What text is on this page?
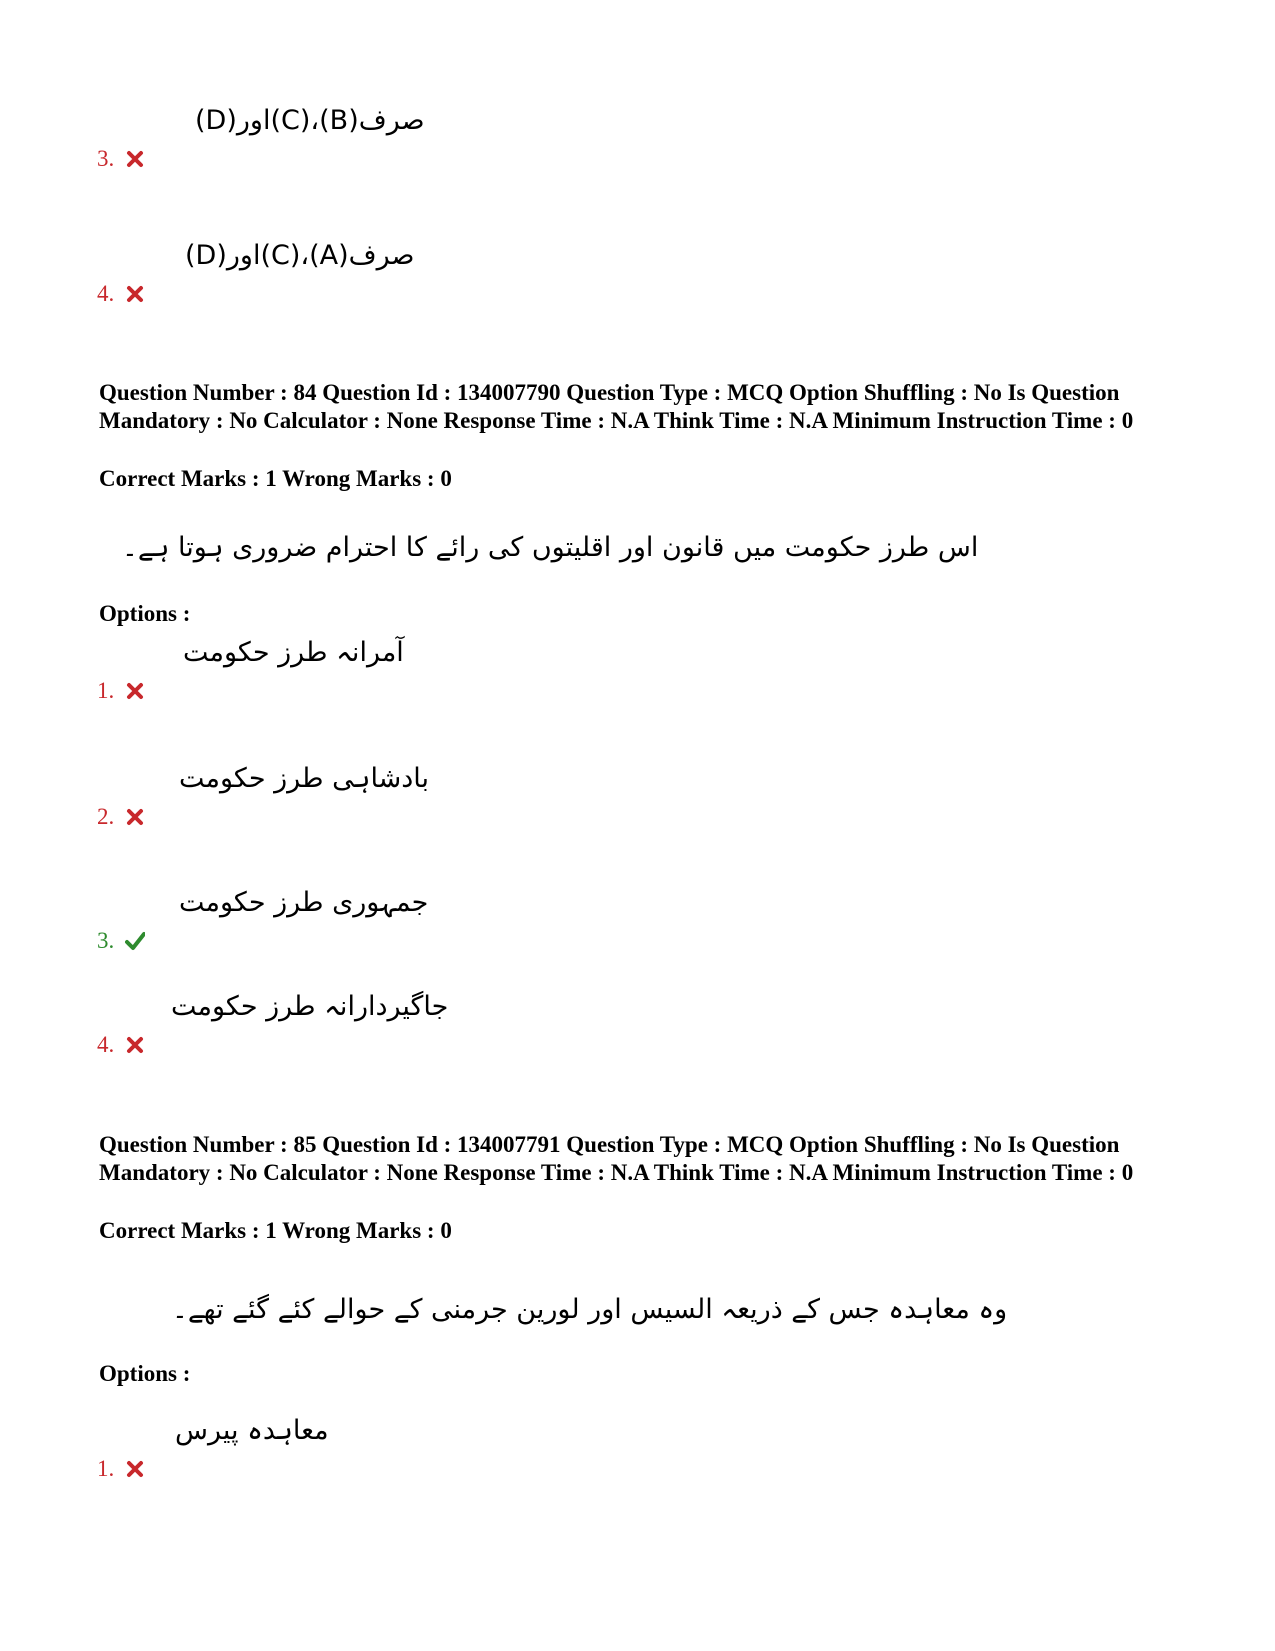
صرف(B)،(C)اور(D)
3.
صرف(A)،(C)اور(D)
4.
Question Number : 84 Question Id : 134007790 Question Type : MCQ Option Shuffling : No Is Question Mandatory : No Calculator : None Response Time : N.A Think Time : N.A Minimum Instruction Time : 0
Correct Marks : 1 Wrong Marks : 0
اس طرز حکومت میں قانون اور اقلیتوں کی رائے کا احترام ضروری ہوتا ہے۔
Options :
آمرانہ طرز حکومت
1.
بادشاہی طرز حکومت
2.
جمہوری طرز حکومت
3.
جاگیردارانہ طرز حکومت
4.
Question Number : 85 Question Id : 134007791 Question Type : MCQ Option Shuffling : No Is Question Mandatory : No Calculator : None Response Time : N.A Think Time : N.A Minimum Instruction Time : 0
Correct Marks : 1 Wrong Marks : 0
وہ معاہدہ جس کے ذریعہ السیس اور لورین جرمنی کے حوالے کئے گئے تھے۔
Options :
معاہدہ پیرس
1.
